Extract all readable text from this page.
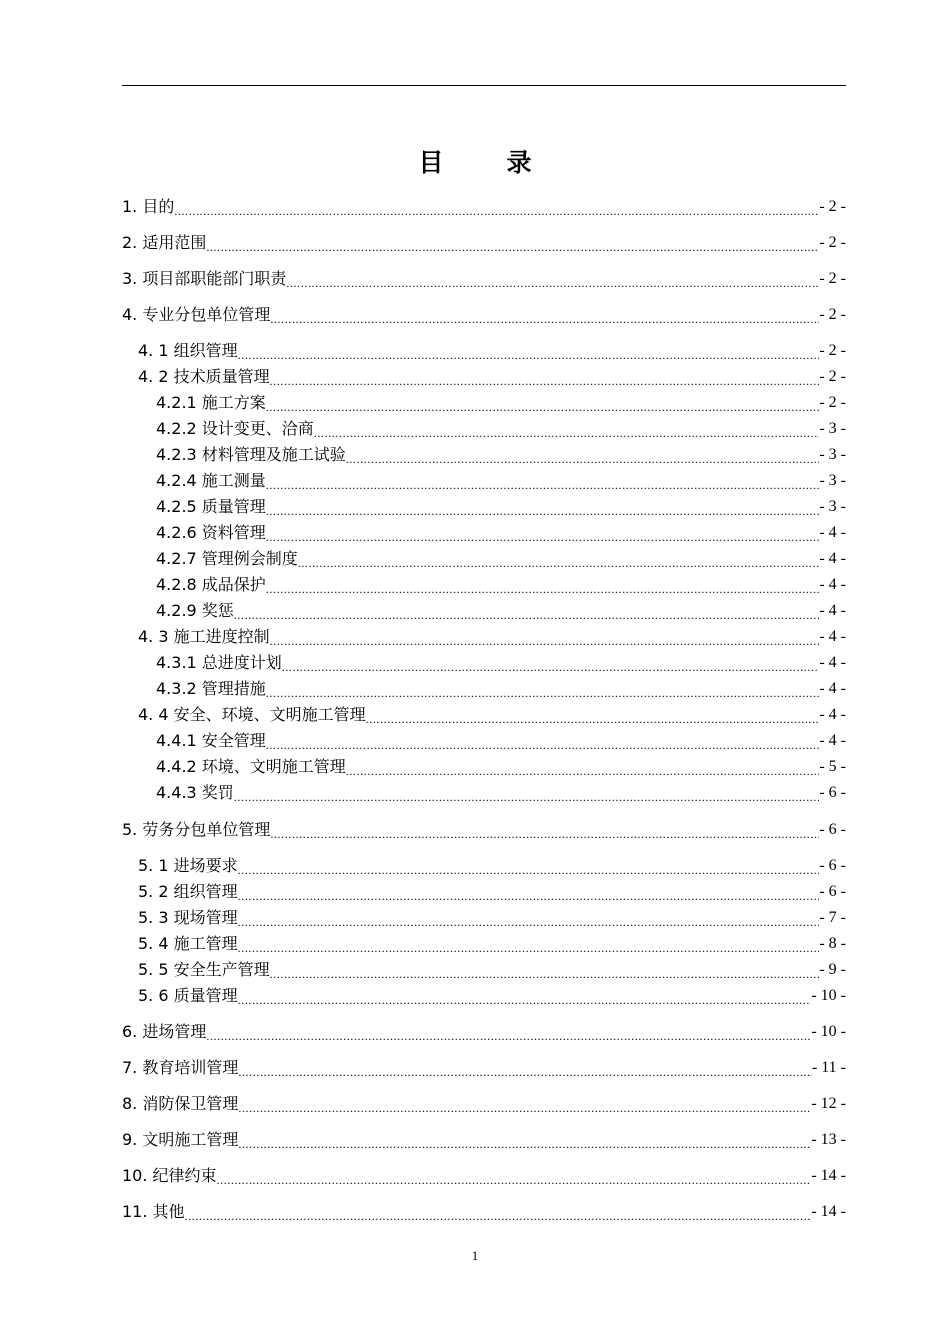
目录
1. 目的 .....	- 2 -
2. 适用范围 .....	- 2 -
3. 项目部职能部门职责 .....	- 2 -
4. 专业分包单位管理 .....	- 2 -
4. 1 组织管理 .....	- 2 -
4. 2 技术质量管理 .....	- 2 -
4.2.1 施工方案 .....	- 2 -
4.2.2 设计变更、洽商 .....	- 3 -
4.2.3 材料管理及施工试验 .....	- 3 -
4.2.4 施工测量 .....	- 3 -
4.2.5 质量管理 .....	- 3 -
4.2.6 资料管理 .....	- 4 -
4.2.7 管理例会制度 .....	- 4 -
4.2.8 成品保护 .....	- 4 -
4.2.9 奖惩 .....	- 4 -
4. 3 施工进度控制 .....	- 4 -
4.3.1 总进度计划 .....	- 4 -
4.3.2 管理措施 .....	- 4 -
4. 4 安全、环境、文明施工管理 .....	- 4 -
4.4.1 安全管理 .....	- 4 -
4.4.2 环境、文明施工管理 .....	- 5 -
4.4.3 奖罚 .....	- 6 -
5. 劳务分包单位管理 .....	- 6 -
5. 1 进场要求 .....	- 6 -
5. 2 组织管理 .....	- 6 -
5. 3 现场管理 .....	- 7 -
5. 4 施工管理 .....	- 8 -
5. 5 安全生产管理 .....	- 9 -
5. 6 质量管理 .....	- 10 -
6. 进场管理 .....	- 10 -
7. 教育培训管理 .....	- 11 -
8. 消防保卫管理 .....	- 12 -
9. 文明施工管理 .....	- 13 -
10. 纪律约束 .....	- 14 -
11. 其他 .....	- 14 -
1
